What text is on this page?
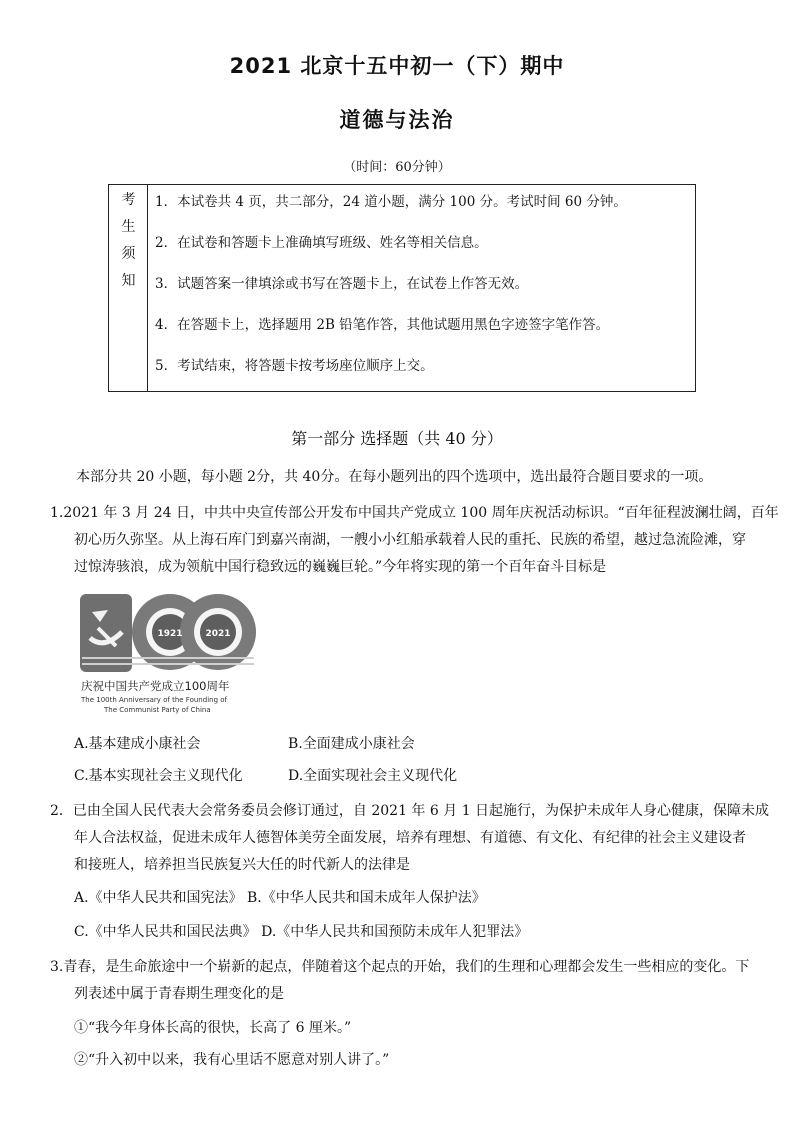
2021 北京十五中初一（下）期中
道德与法治
（时间：60分钟）
考
生
须
知
1．本试卷共 4 页，共二部分，24 道小题，满分 100 分。考试时间 60 分钟。
2．在试卷和答题卡上准确填写班级、姓名等相关信息。
3．试题答案一律填涂或书写在答题卡上，在试卷上作答无效。
4．在答题卡上，选择题用 2B 铅笔作答，其他试题用黑色字迹签字笔作答。
5．考试结束，将答题卡按考场座位顺序上交。
第一部分 选择题（共 40 分）
本部分共 20 小题，每小题 2分，共 40分。在每小题列出的四个选项中，选出最符合题目要求的一项。
1.2021 年 3 月 24 日，中共中央宣传部公开发布中国共产党成立 100 周年庆祝活动标识。“百年征程波澜壮阔，百年
初心历久弥坚。从上海石库门到嘉兴南湖，一艘小小红船承载着人民的重托、民族的希望，越过急流险滩，穿
过惊涛骇浪，成为领航中国行稳致远的巍巍巨轮。”今年将实现的第一个百年奋斗目标是
1921	2021
庆祝中国共产党成立100周年
The 100th Anniversary of the Founding of
The Communist Party of China
A.基本建成小康社会	B.全面建成小康社会
C.基本实现社会主义现代化	D.全面实现社会主义现代化
2．已由全国人民代表大会常务委员会修订通过，自 2021 年 6 月 1 日起施行，为保护未成年人身心健康，保障未成
年人合法权益，促进未成年人德智体美劳全面发展，培养有理想、有道德、有文化、有纪律的社会主义建设者
和接班人，培养担当民族复兴大任的时代新人的法律是
A.《中华人民共和国宪法》 B.《中华人民共和国未成年人保护法》
C.《中华人民共和国民法典》 D.《中华人民共和国预防未成年人犯罪法》
3.青春，是生命旅途中一个崭新的起点，伴随着这个起点的开始，我们的生理和心理都会发生一些相应的变化。下
列表述中属于青春期生理变化的是
①“我今年身体长高的很快，长高了 6 厘米。”
②“升入初中以来，我有心里话不愿意对别人讲了。”
